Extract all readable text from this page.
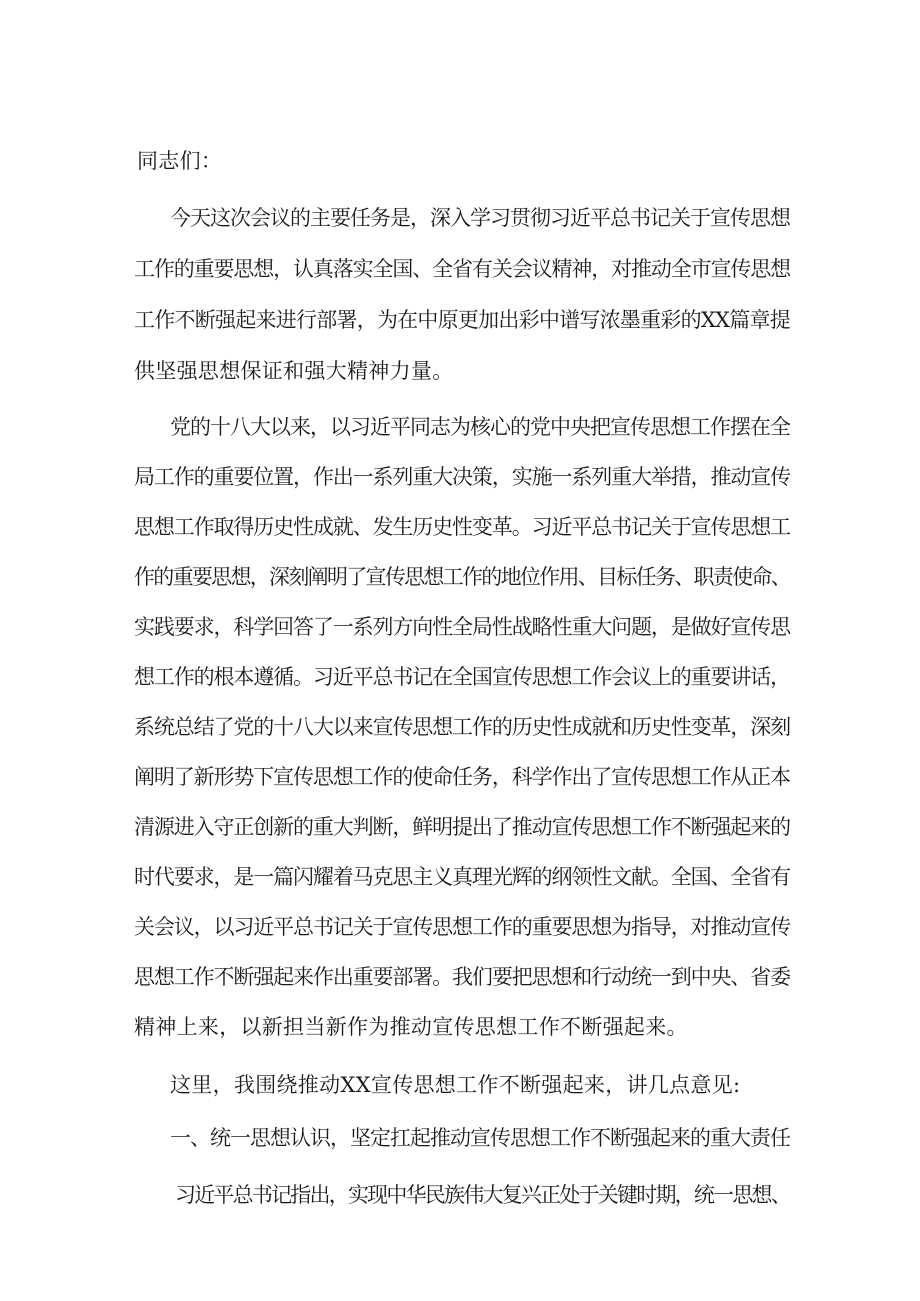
同志们：

今天这次会议的主要任务是，深入学习贯彻习近平总书记关于宣传思想

工作的重要思想，认真落实全国、全省有关会议精神，对推动全市宣传思想

工作不断强起来进行部署，为在中原更加出彩中谱写浓墨重彩的XX篇章提

供坚强思想保证和强大精神力量。

党的十八大以来，以习近平同志为核心的党中央把宣传思想工作摆在全

局工作的重要位置，作出一系列重大决策，实施一系列重大举措，推动宣传

思想工作取得历史性成就、发生历史性变革。习近平总书记关于宣传思想工

作的重要思想，深刻阐明了宣传思想工作的地位作用、目标任务、职责使命、

实践要求，科学回答了一系列方向性全局性战略性重大问题，是做好宣传思

想工作的根本遵循。习近平总书记在全国宣传思想工作会议上的重要讲话，

系统总结了党的十八大以来宣传思想工作的历史性成就和历史性变革，深刻

阐明了新形势下宣传思想工作的使命任务，科学作出了宣传思想工作从正本

清源进入守正创新的重大判断，鲜明提出了推动宣传思想工作不断强起来的

时代要求，是一篇闪耀着马克思主义真理光辉的纲领性文献。全国、全省有

关会议，以习近平总书记关于宣传思想工作的重要思想为指导，对推动宣传

思想工作不断强起来作出重要部署。我们要把思想和行动统一到中央、省委

精神上来，以新担当新作为推动宣传思想工作不断强起来。

这里，我围绕推动XX宣传思想工作不断强起来，讲几点意见:

一、统一思想认识，坚定扛起推动宣传思想工作不断强起来的重大责任

习近平总书记指出，实现中华民族伟大复兴正处于关键时期，统一思想、
